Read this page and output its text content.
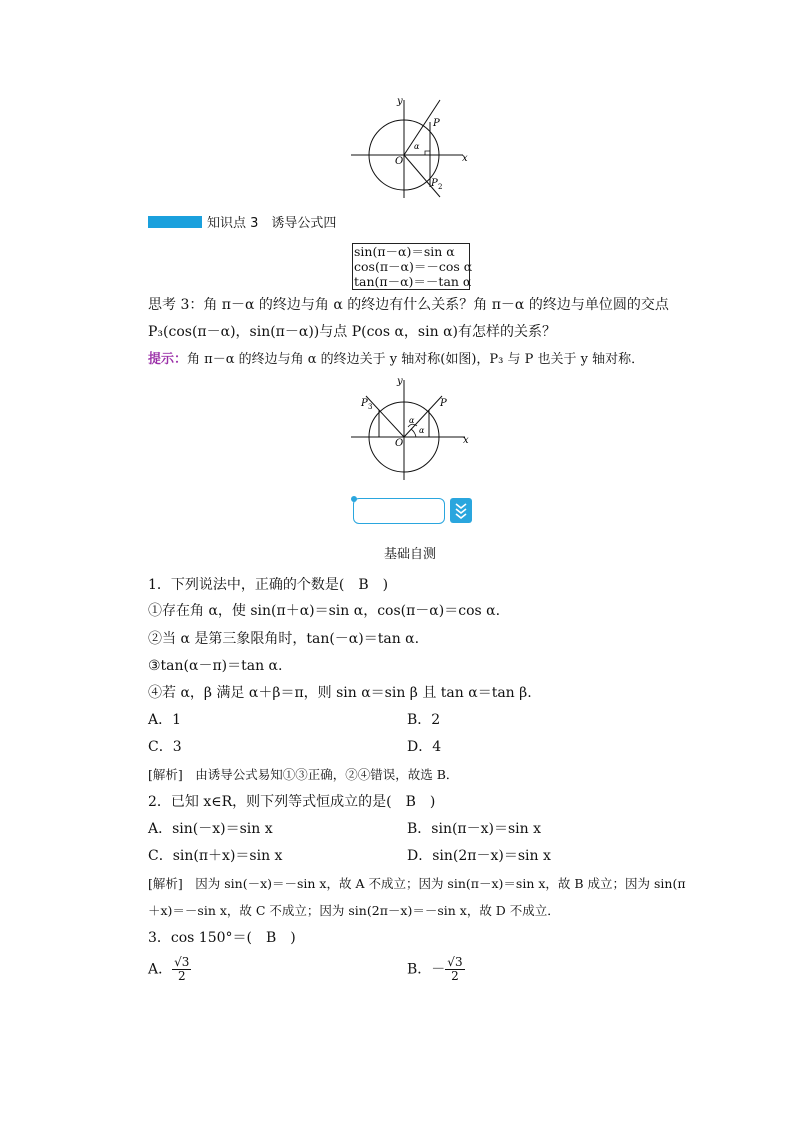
y
x
O
P
P 2
α
知识点 3　诱导公式四
sin(π－α)＝sin α
cos(π－α)＝－cos α
tan(π－α)＝－tan α
思考 3：角 π－α 的终边与角 α 的终边有什么关系？角 π－α 的终边与单位圆的交点
P₃(cos(π－α)，sin(π－α))与点 P(cos α，sin α)有怎样的关系？
提示：角 π－α 的终边与角 α 的终边关于 y 轴对称(如图)，P₃ 与 P 也关于 y 轴对称．
y
x
O
P
P 3
α
α
基础自测
1．下列说法中，正确的个数是(　B　)
①存在角 α，使 sin(π＋α)＝sin α，cos(π－α)＝cos α.
②当 α 是第三象限角时，tan(－α)＝tan α.
③tan(α－π)＝tan α.
④若 α，β 满足 α＋β＝π，则 sin α＝sin β 且 tan α＝tan β.
A．1	B．2
C．3	D．4
[解析]　由诱导公式易知①③正确，②④错误，故选 B．
2．已知 x∈R，则下列等式恒成立的是(　B　)
A．sin(－x)＝sin x	B．sin(π－x)＝sin x
C．sin(π＋x)＝sin x	D．sin(2π－x)＝sin x
[解析]　因为 sin(－x)＝－sin x，故 A 不成立；因为 sin(π－x)＝sin x，故 B 成立；因为 sin(π
＋x)＝－sin x，故 C 不成立；因为 sin(2π－x)＝－sin x，故 D 不成立．
3．cos 150°＝(　B　)
A． $\frac{√3}{2}$	B．－ $\frac{√3}{2}$
